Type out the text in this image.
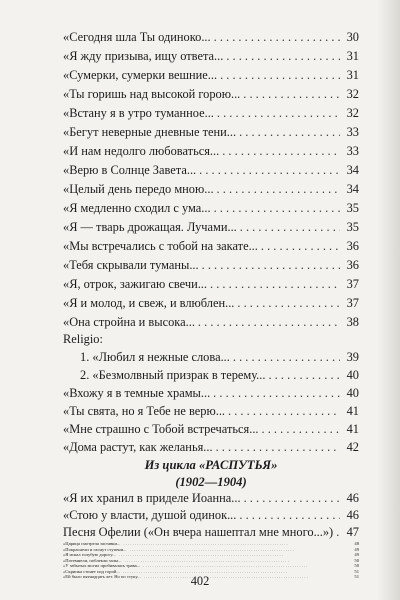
«Сегодня шла Ты одиноко... . . .	30
«Я жду призыва, ищу ответа... . . .	31
«Сумерки, сумерки вешние... . . .	31
«Ты горишь над высокой горою... . . .	32
«Встану я в утро туманное... . . .	32
«Бегут неверные дневные тени... . . .	33
«И нам недолго любоваться... . . .	33
«Верю в Солнце Завета... . . .	34
«Целый день передо мною... . . .	34
«Я медленно сходил с ума... . . .	35
«Я — тварь дрожащая. Лучами... . . .	35
«Мы встречались с тобой на закате... . . .	36
«Тебя скрывали туманы... . . .	36
«Я, отрок, зажигаю свечи... . . .	37
«Я и молод, и свеж, и влюблен... . . .	37
«Она стройна и высока... . . .	38
Religio:
1. «Любил я нежные слова... . . .	39
2. «Безмолвный призрак в терему... . . .	40
«Вхожу я в темные храмы... . . .	40
«Ты свята, но я Тебе не верю... . . .	41
«Мне страшно с Тобой встречаться... . . .	41
«Дома растут, как желанья... . . .	42
Из цикла «РАСПУТЬЯ»
(1902—1904)
«Я их хранил в приделе Иоанна... . . .	46
«Стою у власти, душой одинок... . . .	46
Песня Офелии («Он вчера нашептал мне много...») . . . 47
402
«Царица смотрела заставки... . . .	48
«Покраснели и гаснут ступени... . . .	49
«Я искал голубую дорогу... . . .	49
«Потемнели, поблекли залы... . . .	50
«У забытых могил пробивалась трава... . . .	50
«Скрипка стонет под горой... . . .	51
«Ей было пятнадцать лет. Но по стуку... . . .	51
